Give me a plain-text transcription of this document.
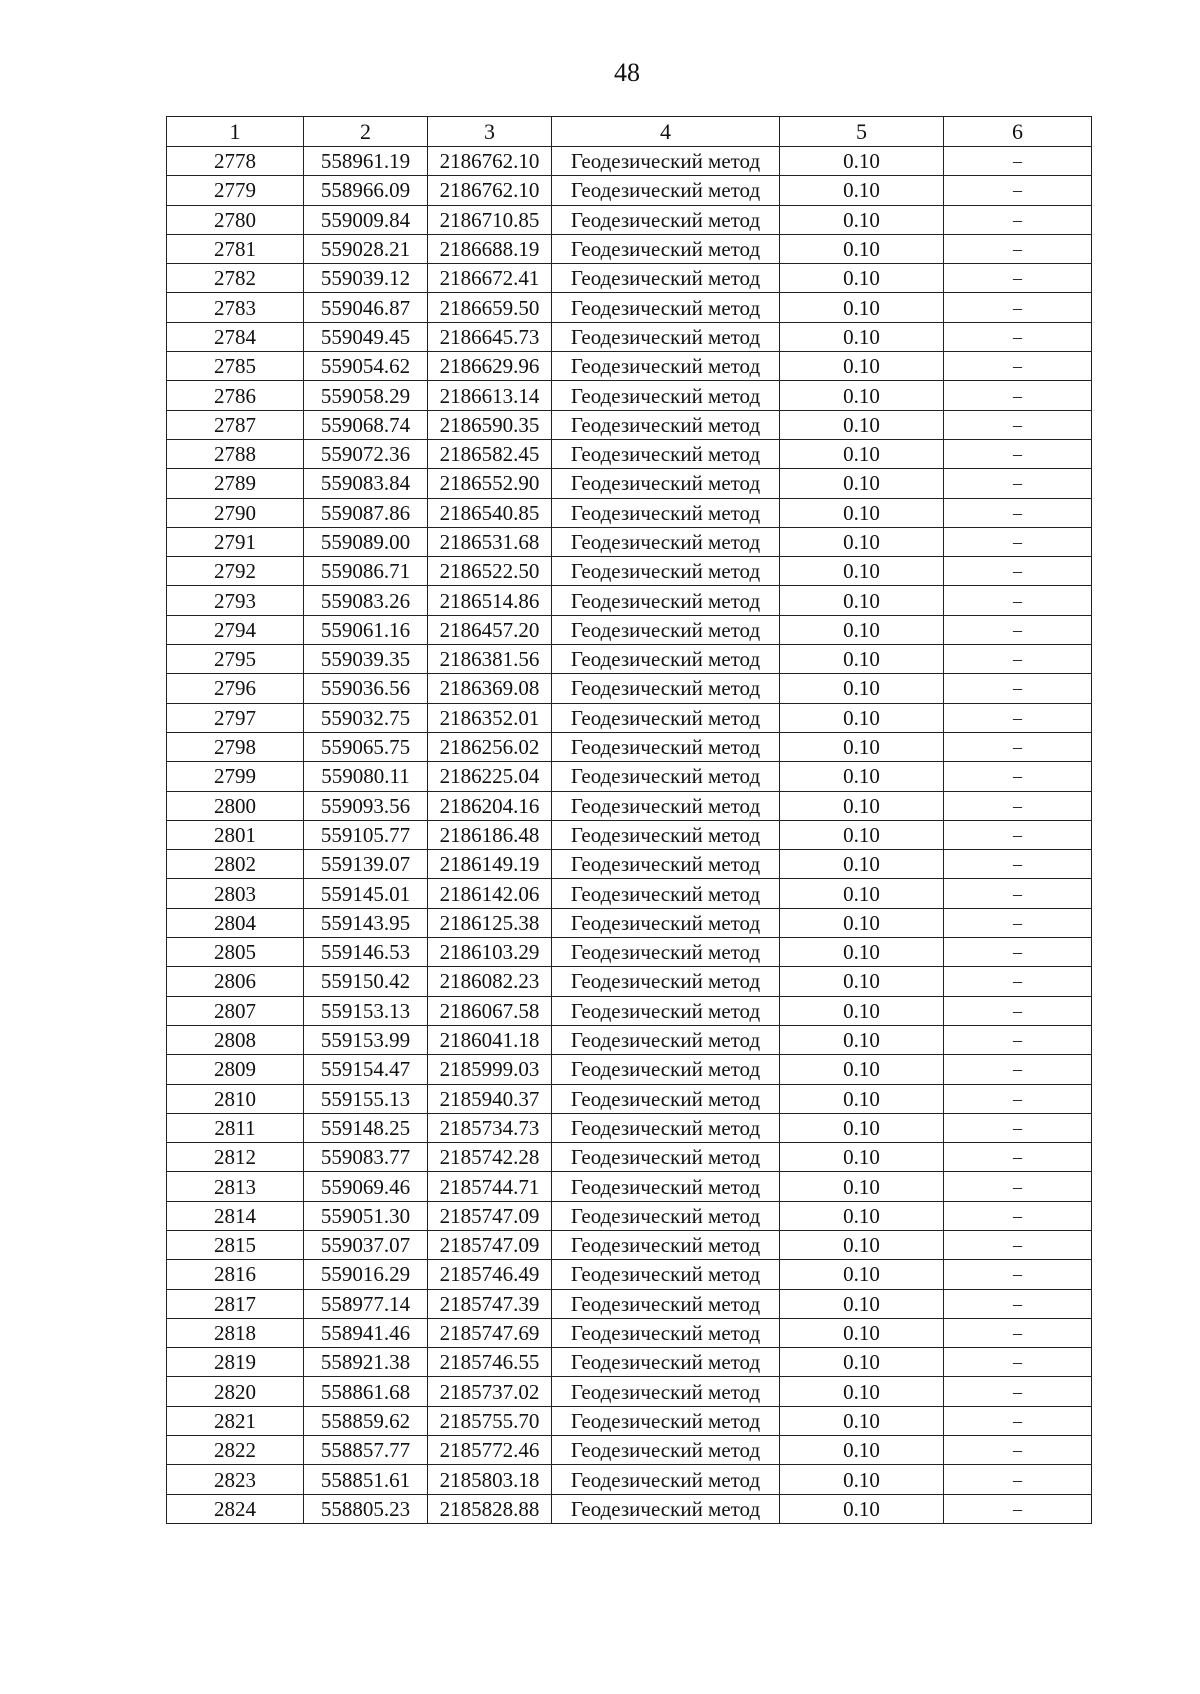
48
1	2	3	4	5	6
2778	558961.19	2186762.10	Геодезический метод	0.10	–
2779	558966.09	2186762.10	Геодезический метод	0.10	–
2780	559009.84	2186710.85	Геодезический метод	0.10	–
2781	559028.21	2186688.19	Геодезический метод	0.10	–
2782	559039.12	2186672.41	Геодезический метод	0.10	–
2783	559046.87	2186659.50	Геодезический метод	0.10	–
2784	559049.45	2186645.73	Геодезический метод	0.10	–
2785	559054.62	2186629.96	Геодезический метод	0.10	–
2786	559058.29	2186613.14	Геодезический метод	0.10	–
2787	559068.74	2186590.35	Геодезический метод	0.10	–
2788	559072.36	2186582.45	Геодезический метод	0.10	–
2789	559083.84	2186552.90	Геодезический метод	0.10	–
2790	559087.86	2186540.85	Геодезический метод	0.10	–
2791	559089.00	2186531.68	Геодезический метод	0.10	–
2792	559086.71	2186522.50	Геодезический метод	0.10	–
2793	559083.26	2186514.86	Геодезический метод	0.10	–
2794	559061.16	2186457.20	Геодезический метод	0.10	–
2795	559039.35	2186381.56	Геодезический метод	0.10	–
2796	559036.56	2186369.08	Геодезический метод	0.10	–
2797	559032.75	2186352.01	Геодезический метод	0.10	–
2798	559065.75	2186256.02	Геодезический метод	0.10	–
2799	559080.11	2186225.04	Геодезический метод	0.10	–
2800	559093.56	2186204.16	Геодезический метод	0.10	–
2801	559105.77	2186186.48	Геодезический метод	0.10	–
2802	559139.07	2186149.19	Геодезический метод	0.10	–
2803	559145.01	2186142.06	Геодезический метод	0.10	–
2804	559143.95	2186125.38	Геодезический метод	0.10	–
2805	559146.53	2186103.29	Геодезический метод	0.10	–
2806	559150.42	2186082.23	Геодезический метод	0.10	–
2807	559153.13	2186067.58	Геодезический метод	0.10	–
2808	559153.99	2186041.18	Геодезический метод	0.10	–
2809	559154.47	2185999.03	Геодезический метод	0.10	–
2810	559155.13	2185940.37	Геодезический метод	0.10	–
2811	559148.25	2185734.73	Геодезический метод	0.10	–
2812	559083.77	2185742.28	Геодезический метод	0.10	–
2813	559069.46	2185744.71	Геодезический метод	0.10	–
2814	559051.30	2185747.09	Геодезический метод	0.10	–
2815	559037.07	2185747.09	Геодезический метод	0.10	–
2816	559016.29	2185746.49	Геодезический метод	0.10	–
2817	558977.14	2185747.39	Геодезический метод	0.10	–
2818	558941.46	2185747.69	Геодезический метод	0.10	–
2819	558921.38	2185746.55	Геодезический метод	0.10	–
2820	558861.68	2185737.02	Геодезический метод	0.10	–
2821	558859.62	2185755.70	Геодезический метод	0.10	–
2822	558857.77	2185772.46	Геодезический метод	0.10	–
2823	558851.61	2185803.18	Геодезический метод	0.10	–
2824	558805.23	2185828.88	Геодезический метод	0.10	–
